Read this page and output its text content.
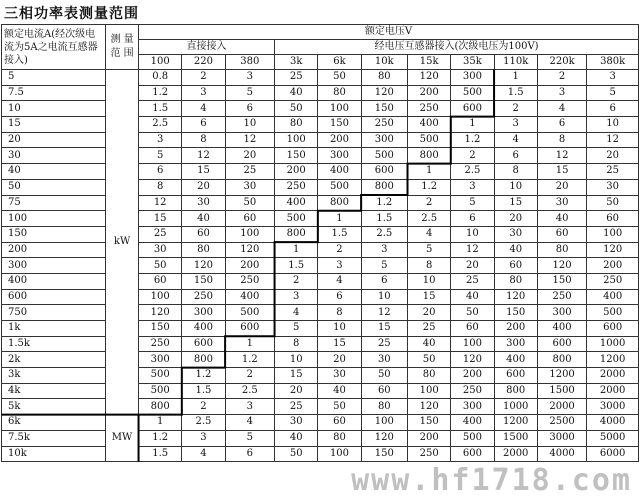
三相功率表测量范围
额定电流A(经次级电流为5A之电流互感器接入)	测 量 范 围	额定电压V										
		直接接入			经电压互感器接入(次级电压为100V)							
		100	220	380	3k	6k	10k	15k	35k	110k	220k	380k
5	kW	0.8	2	3	25	50	80	120	300	1	2	3
7.5		1.2	3	5	40	80	120	200	500	1.5	3	5
10		1.5	4	6	50	100	150	250	600	2	4	6
15		2.5	6	10	80	150	250	400	1	3	6	10
20		3	8	12	100	200	300	500	1.2	4	8	12
30		5	12	20	150	300	500	800	2	6	12	20
40		6	15	25	200	400	600	1	2.5	8	15	25
50		8	20	30	250	500	800	1.2	3	10	20	30
75		12	30	50	400	800	1.2	2	5	15	30	50
100		15	40	60	500	1	1.5	2.5	6	20	40	60
150		25	60	100	800	1.5	2.5	4	10	30	60	100
200		30	80	120	1	2	3	5	12	40	80	120
300		50	120	200	1.5	3	5	8	20	60	120	200
400		60	150	250	2	4	6	10	25	80	150	250
600		100	250	400	3	6	10	15	40	120	250	400
750		120	300	500	4	8	12	20	50	150	300	500
1k		150	400	600	5	10	15	25	60	200	400	600
1.5k		250	600	1	8	15	25	40	100	300	600	1000
2k		300	800	1.2	10	20	30	50	120	400	800	1200
3k		500	1.2	2	15	30	50	80	200	600	1200	2000
4k		500	1.5	2.5	20	40	60	100	250	800	1500	2000
5k		800	2	3	25	50	80	120	300	1000	2000	3000
6k	MW	1	2.5	4	30	60	100	150	400	1200	2500	4000
7.5k		1.2	3	5	40	80	120	200	500	1500	3000	5000
10k		1.5	4	6	50	100	150	250	600	2000	4000	6000
www.hf1718.com
